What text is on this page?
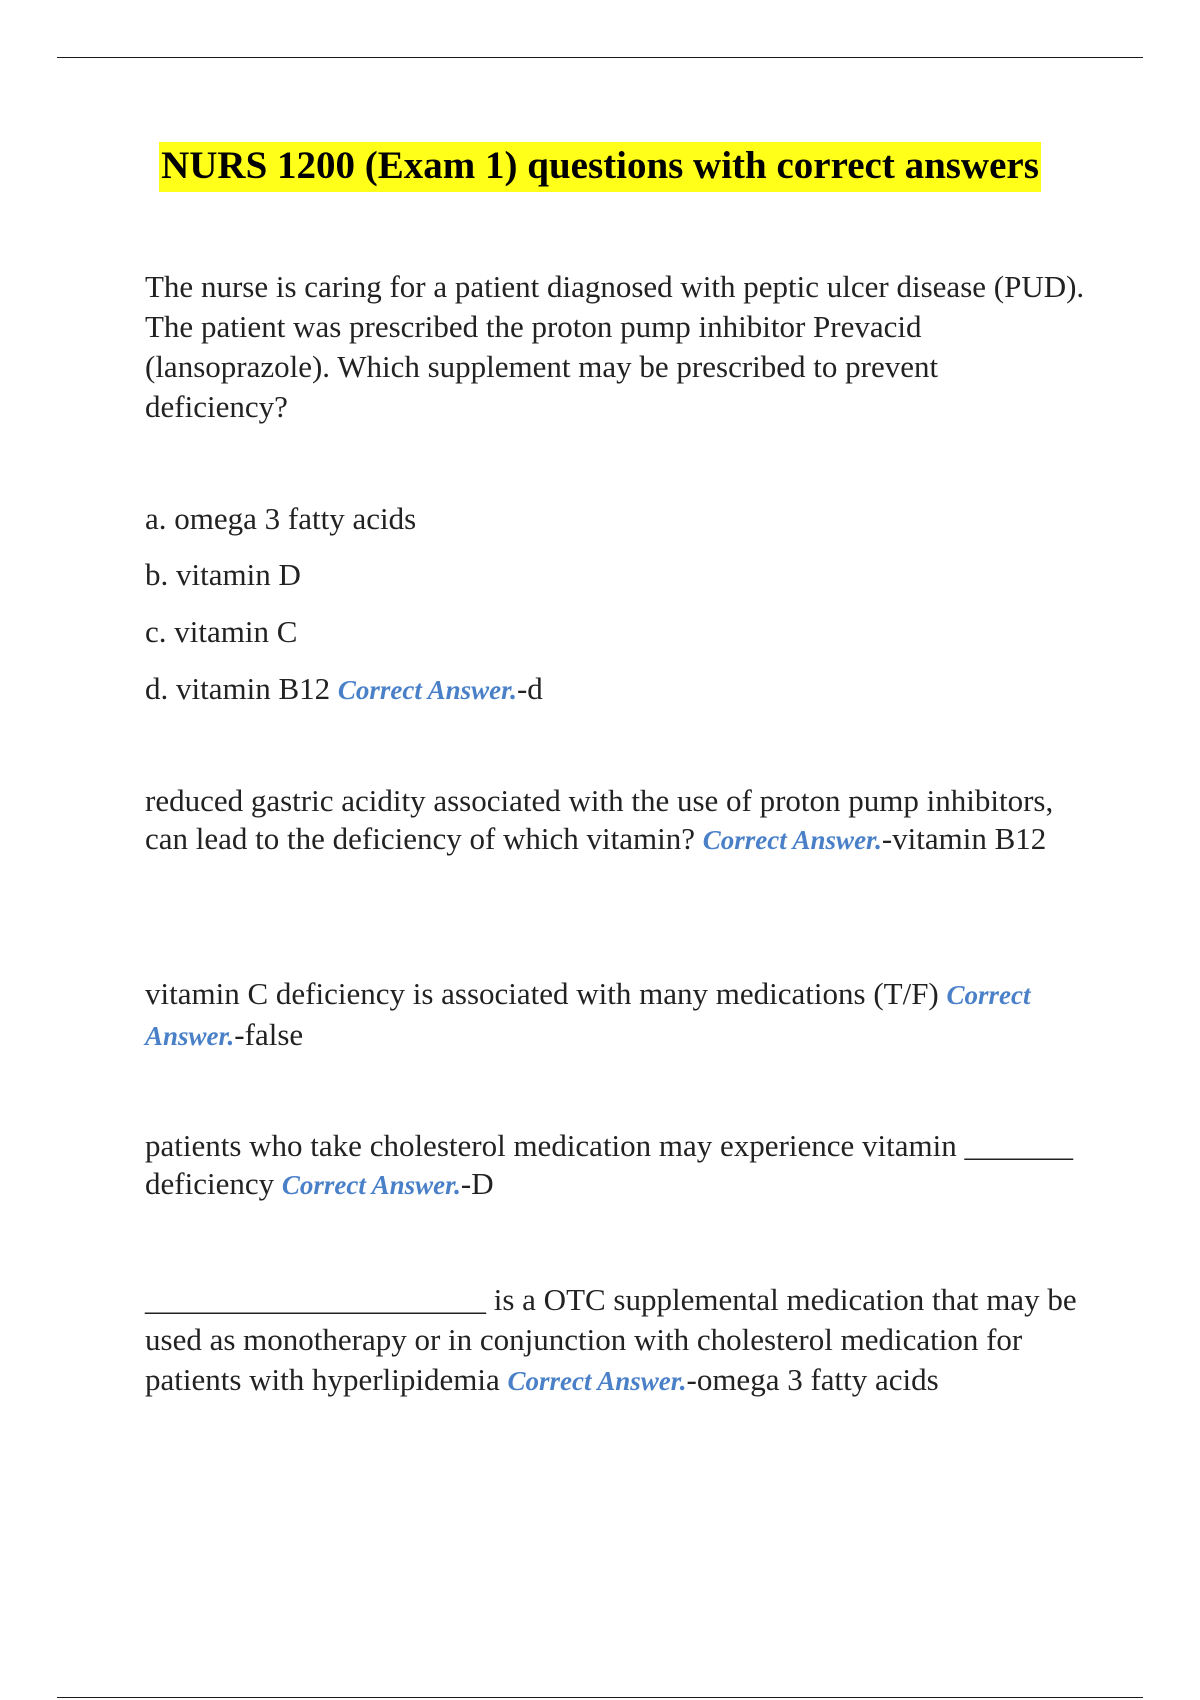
NURS 1200 (Exam 1) questions with correct answers

The nurse is caring for a patient diagnosed with peptic ulcer disease (PUD). The patient was prescribed the proton pump inhibitor Prevacid (lansoprazole). Which supplement may be prescribed to prevent deficiency?

a. omega 3 fatty acids
b. vitamin D
c. vitamin C
d. vitamin B12 Correct Answer.-d
reduced gastric acidity associated with the use of proton pump inhibitors, can lead to the deficiency of which vitamin? Correct Answer.-vitamin B12
vitamin C deficiency is associated with many medications (T/F) Correct Answer.-false
patients who take cholesterol medication may experience vitamin _______ deficiency Correct Answer.-D
______________________ is a OTC supplemental medication that may be used as monotherapy or in conjunction with cholesterol medication for patients with hyperlipidemia Correct Answer.-omega 3 fatty acids
